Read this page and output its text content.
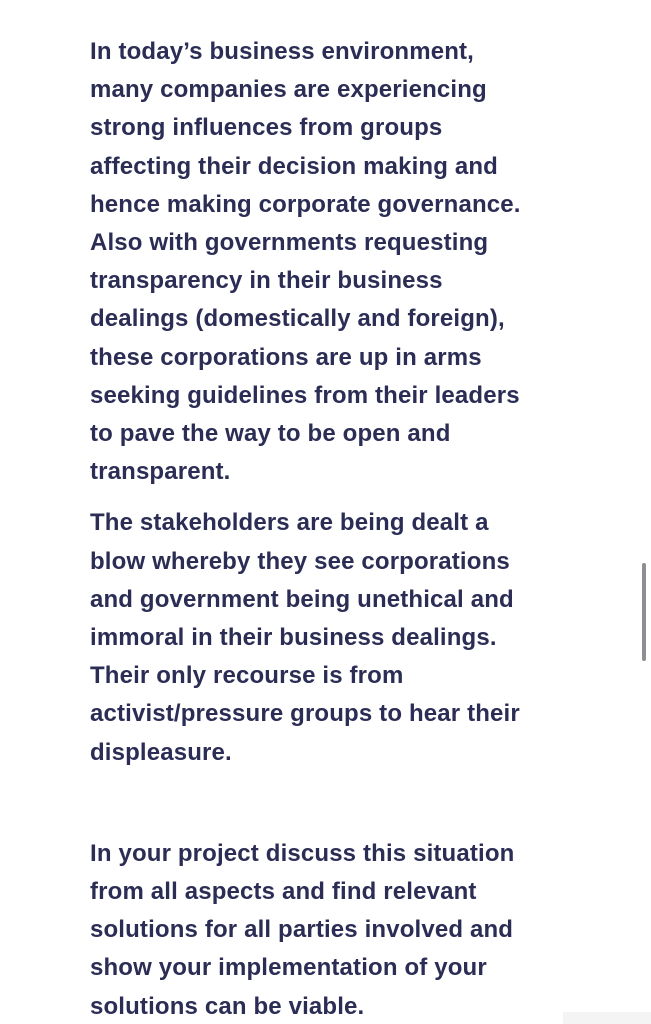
In today’s business environment,
many companies are experiencing
strong influences from groups
affecting their decision making and
hence making corporate governance.
Also with governments requesting
transparency in their business
dealings (domestically and foreign),
these corporations are up in arms
seeking guidelines from their leaders
to pave the way to be open and
transparent.

The stakeholders are being dealt a
blow whereby they see corporations
and government being unethical and
immoral in their business dealings.
Their only recourse is from
activist/pressure groups to hear their
displeasure.

In your project discuss this situation
from all aspects and find relevant
solutions for all parties involved and
show your implementation of your
solutions can be viable.
